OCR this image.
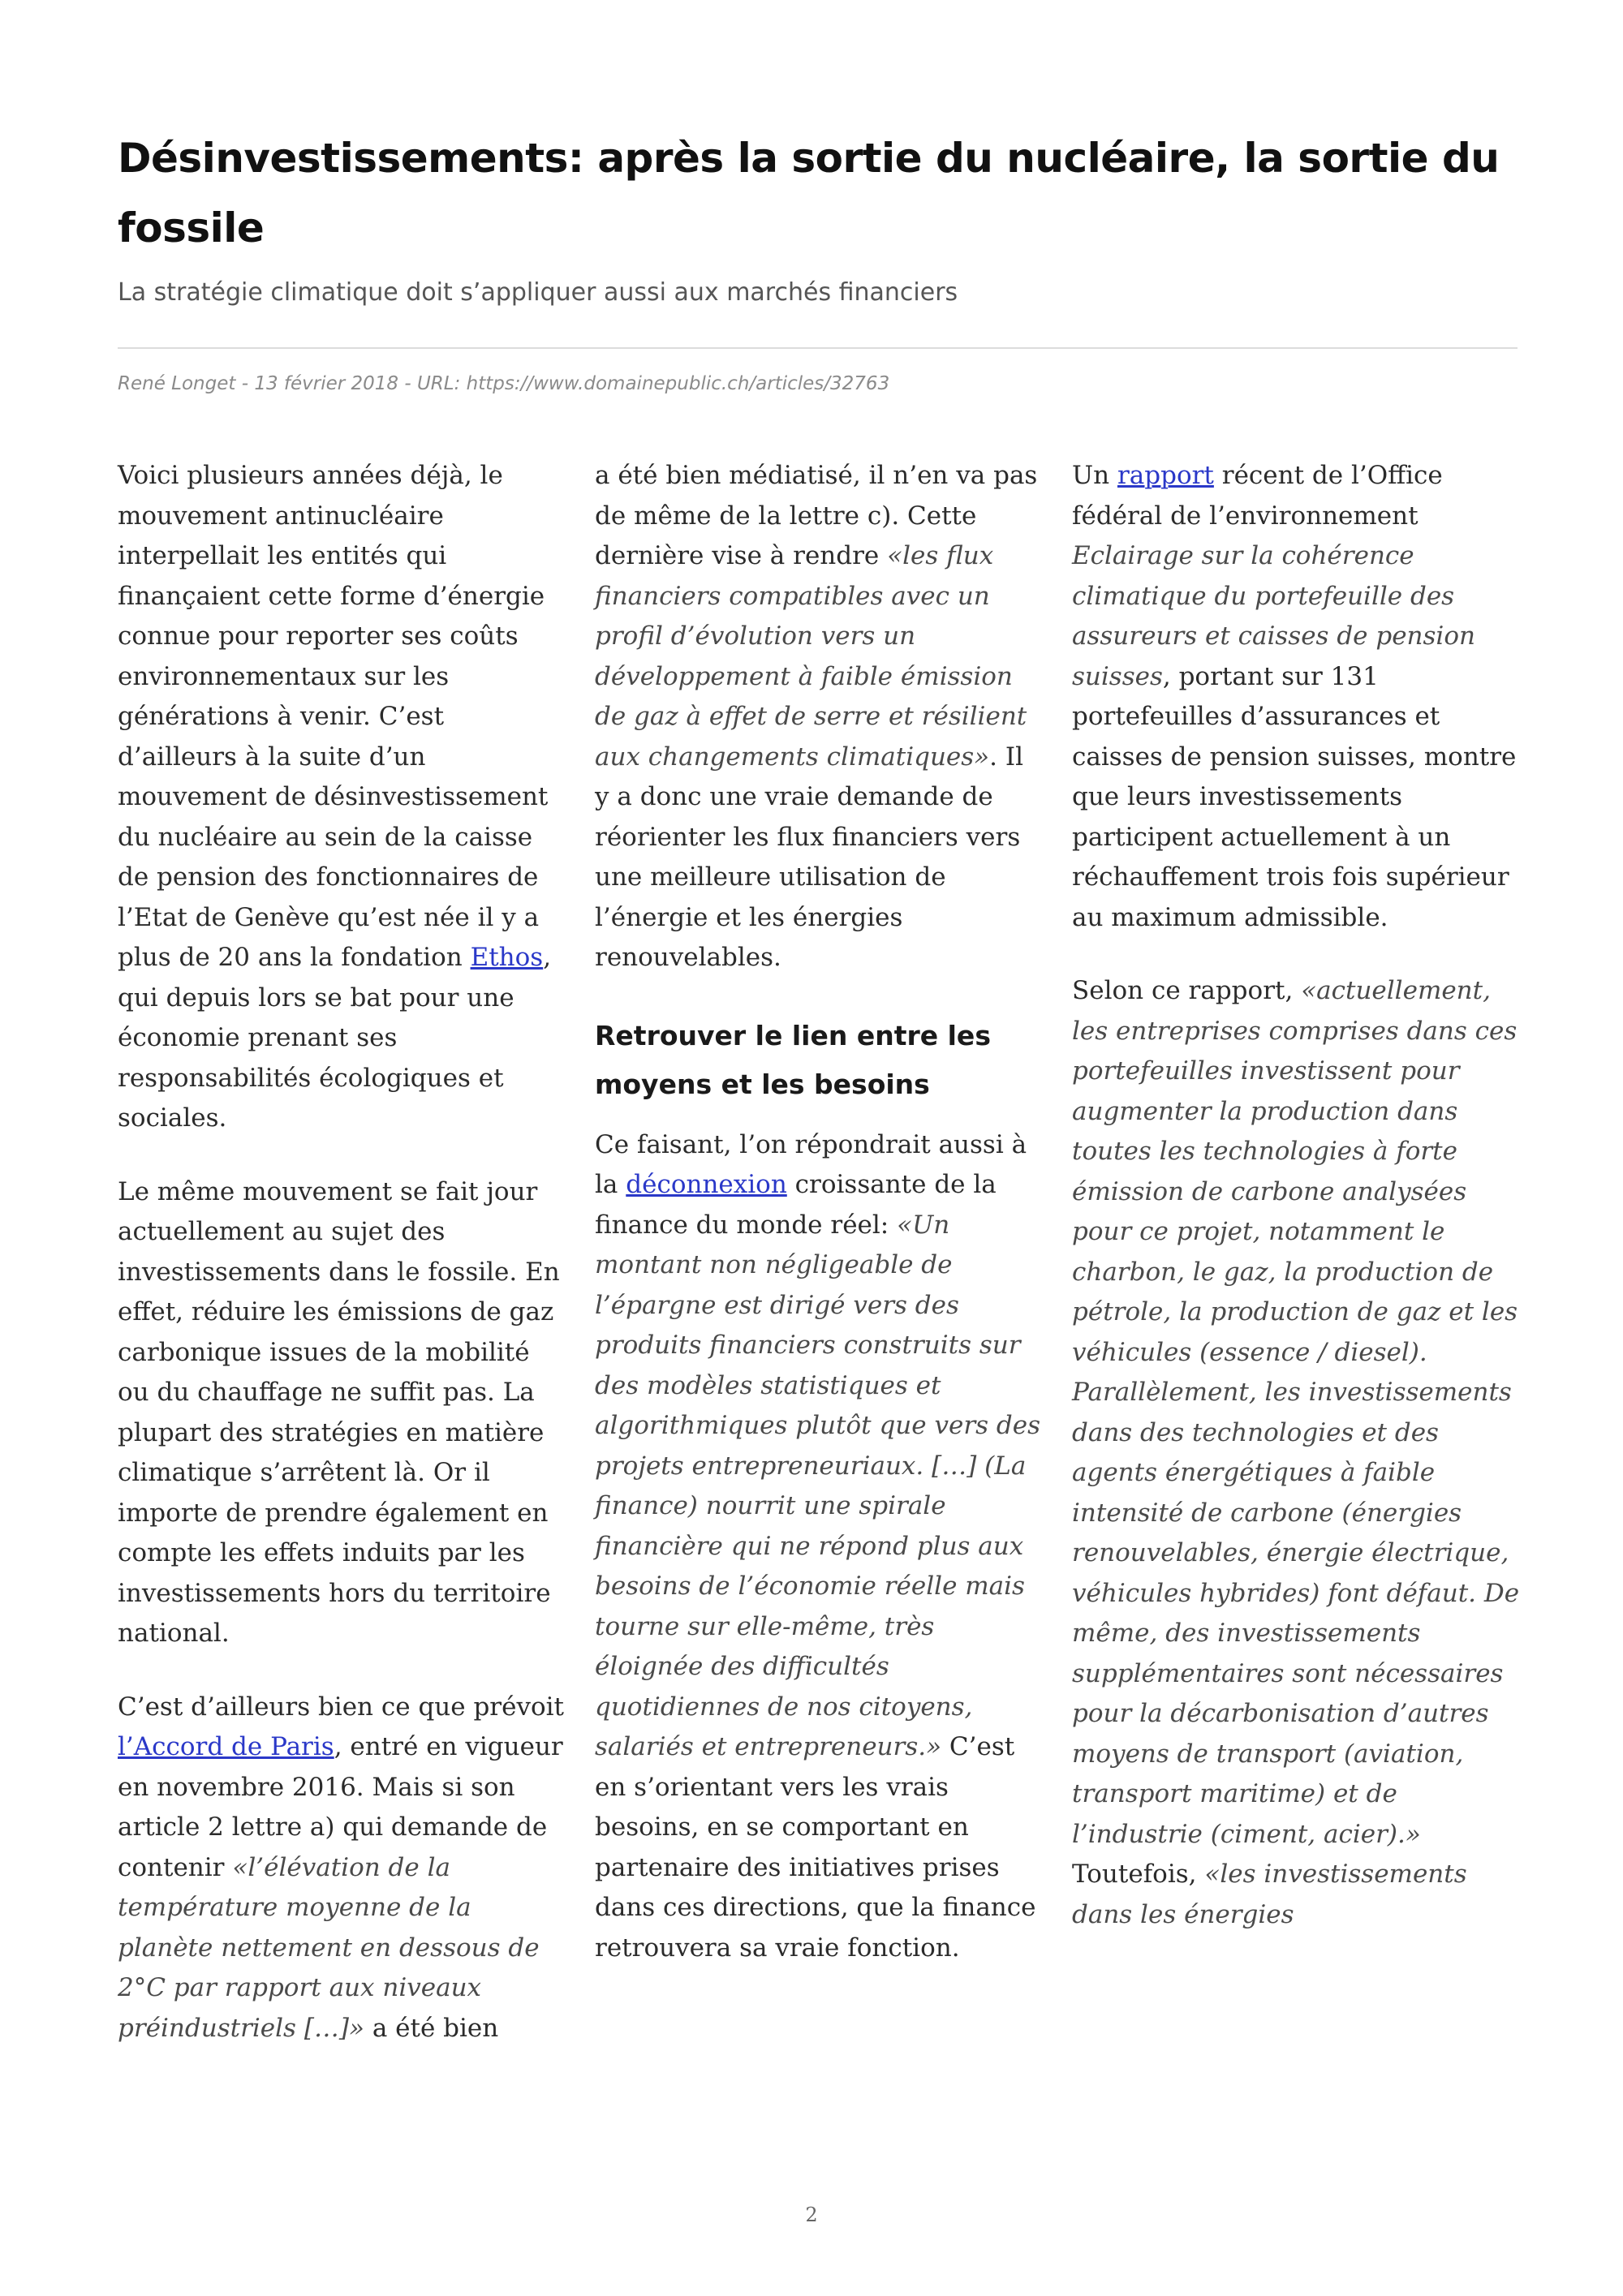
Désinvestissements: après la sortie du nucléaire, la sortie du fossile

La stratégie climatique doit s’appliquer aussi aux marchés financiers

René Longet - 13 février 2018 - URL: https://www.domainepublic.ch/articles/32763

Voici plusieurs années déjà, le mouvement antinucléaire interpellait les entités qui finançaient cette forme d’énergie connue pour reporter ses coûts environnementaux sur les générations à venir. C’est d’ailleurs à la suite d’un mouvement de désinvestissement du nucléaire au sein de la caisse de pension des fonctionnaires de l’Etat de Genève qu’est née il y a plus de 20 ans la fondation Ethos, qui depuis lors se bat pour une économie prenant ses responsabilités écologiques et sociales.

Le même mouvement se fait jour actuellement au sujet des investissements dans le fossile. En effet, réduire les émissions de gaz carbonique issues de la mobilité ou du chauffage ne suffit pas. La plupart des stratégies en matière climatique s’arrêtent là. Or il importe de prendre également en compte les effets induits par les investissements hors du territoire national.

C’est d’ailleurs bien ce que prévoit l’Accord de Paris, entré en vigueur en novembre 2016. Mais si son article 2 lettre a) qui demande de contenir «l’élévation de la température moyenne de la planète nettement en dessous de 2°C par rapport aux niveaux préindustriels […]» a été bien

a été bien médiatisé, il n’en va pas de même de la lettre c). Cette dernière vise à rendre «les flux financiers compatibles avec un profil d’évolution vers un développement à faible émission de gaz à effet de serre et résilient aux changements climatiques». Il y a donc une vraie demande de réorienter les flux financiers vers une meilleure utilisation de l’énergie et les énergies renouvelables.

Retrouver le lien entre les moyens et les besoins

Ce faisant, l’on répondrait aussi à la déconnexion croissante de la finance du monde réel: «Un montant non négligeable de l’épargne est dirigé vers des produits financiers construits sur des modèles statistiques et algorithmiques plutôt que vers des projets entrepreneuriaux. […] (La finance) nourrit une spirale financière qui ne répond plus aux besoins de l’économie réelle mais tourne sur elle-même, très éloignée des difficultés quotidiennes de nos citoyens, salariés et entrepreneurs.» C’est en s’orientant vers les vrais besoins, en se comportant en partenaire des initiatives prises dans ces directions, que la finance retrouvera sa vraie fonction.

Un rapport récent de l’Office fédéral de l’environnement Eclairage sur la cohérence climatique du portefeuille des assureurs et caisses de pension suisses, portant sur 131 portefeuilles d’assurances et caisses de pension suisses, montre que leurs investissements participent actuellement à un réchauffement trois fois supérieur au maximum admissible.

Selon ce rapport, «actuellement, les entreprises comprises dans ces portefeuilles investissent pour augmenter la production dans toutes les technologies à forte émission de carbone analysées pour ce projet, notamment le charbon, le gaz, la production de pétrole, la production de gaz et les véhicules (essence / diesel). Parallèlement, les investissements dans des technologies et des agents énergétiques à faible intensité de carbone (énergies renouvelables, énergie électrique, véhicules hybrides) font défaut. De même, des investissements supplémentaires sont nécessaires pour la décarbonisation d’autres moyens de transport (aviation, transport maritime) et de l’industrie (ciment, acier).» Toutefois, «les investissements dans les énergies

2
